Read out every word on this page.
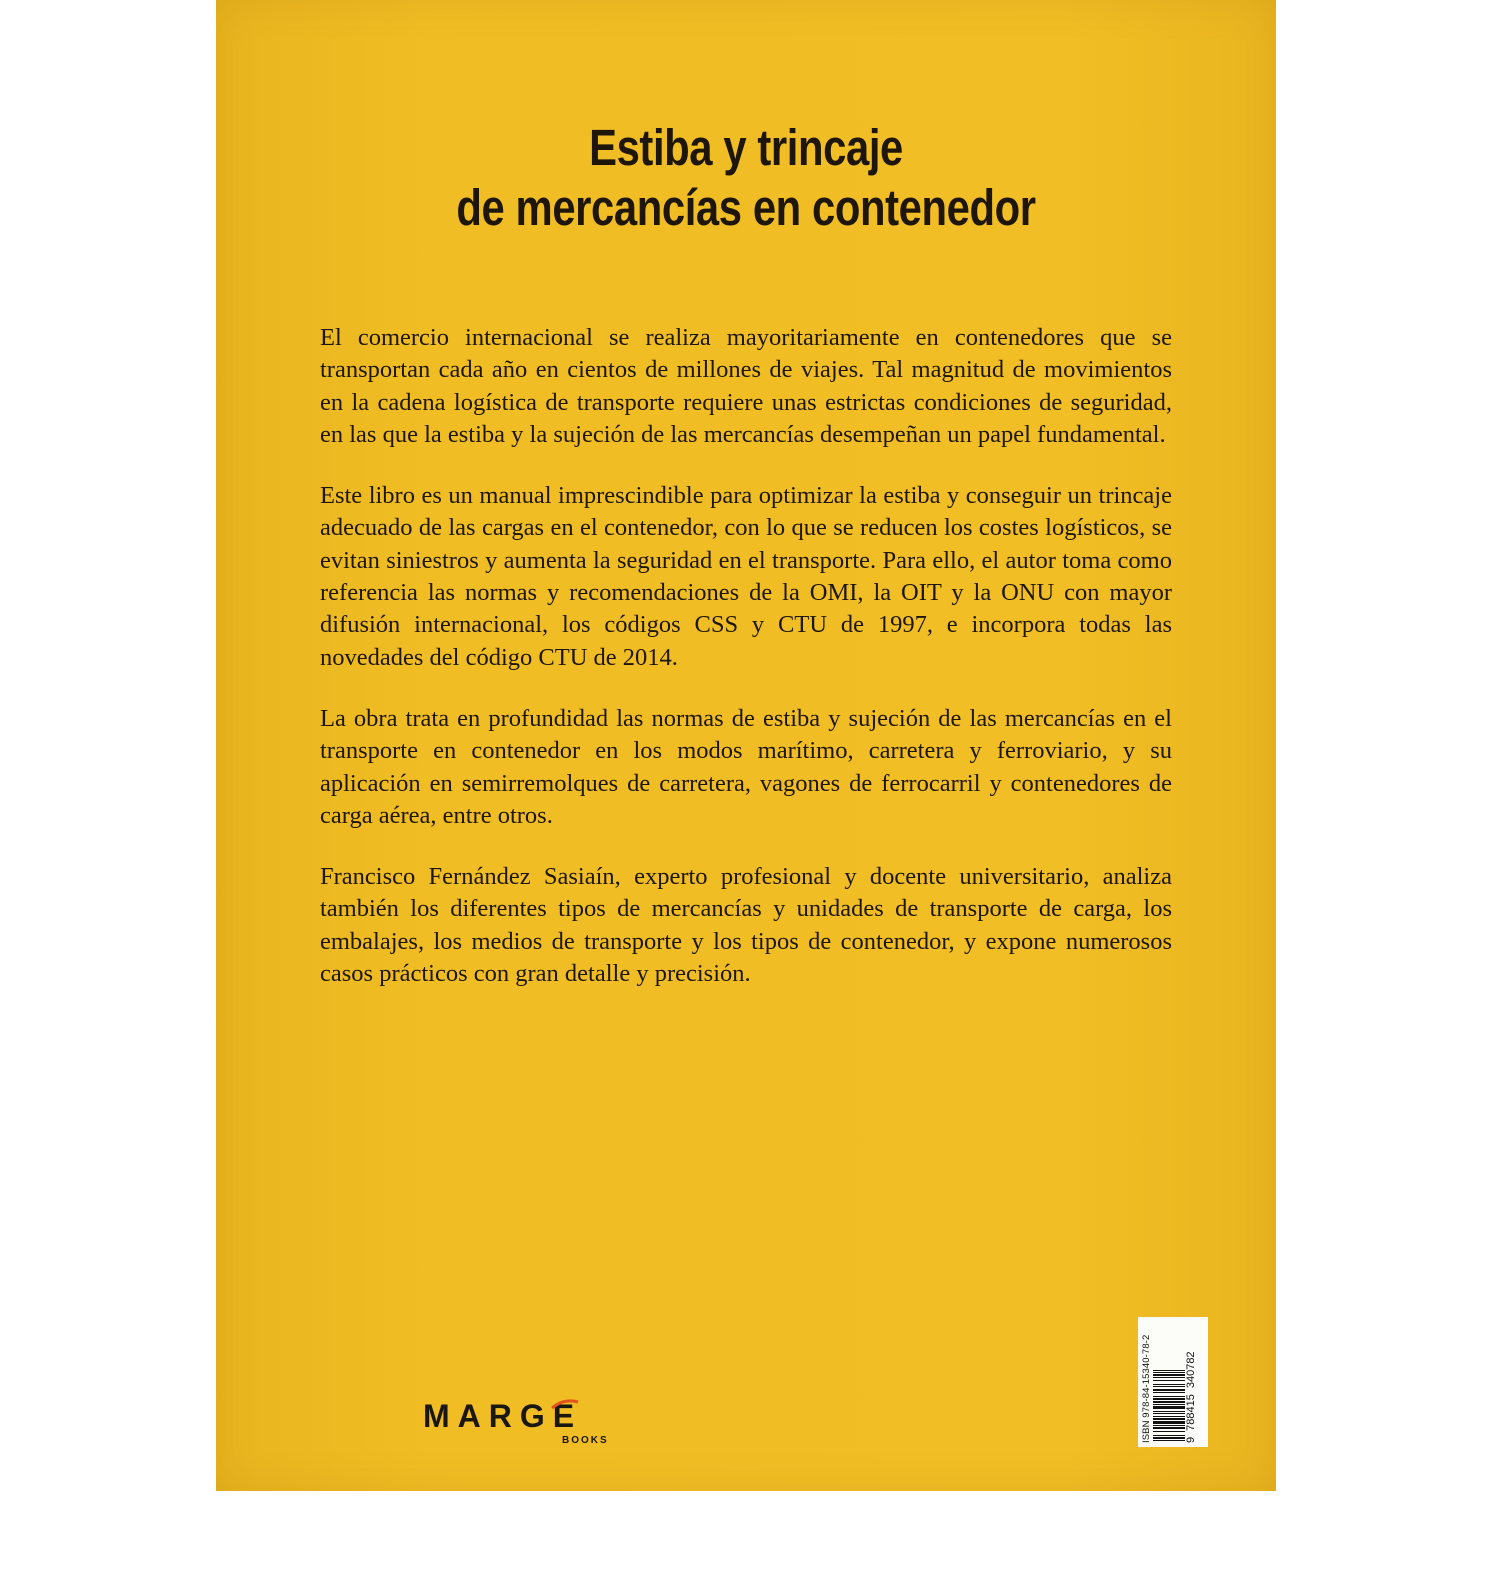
Estiba y trincaje
de mercancías en contenedor

El comercio internacional se realiza mayoritariamente en contenedores que se transportan cada año en cientos de millones de viajes. Tal magnitud de movimientos en la cadena logística de transporte requiere unas estrictas condiciones de seguridad, en las que la estiba y la sujeción de las mercancías desempeñan un papel fundamental.

Este libro es un manual imprescindible para optimizar la estiba y conseguir un trincaje adecuado de las cargas en el contenedor, con lo que se reducen los costes logísticos, se evitan siniestros y aumenta la seguridad en el transporte. Para ello, el autor toma como referencia las normas y recomendaciones de la OMI, la OIT y la ONU con mayor difusión internacional, los códigos CSS y CTU de 1997, e incorpora todas las novedades del código CTU de 2014.

La obra trata en profundidad las normas de estiba y sujeción de las mercancías en el transporte en contenedor en los modos marítimo, carretera y ferroviario, y su aplicación en semirremolques de carretera, vagones de ferrocarril y contenedores de carga aérea, entre otros.

Francisco Fernández Sasiaín, experto profesional y docente universitario, analiza también los diferentes tipos de mercancías y unidades de transporte de carga, los embalajes, los medios de transporte y los tipos de contenedor, y expone numerosos casos prácticos con gran detalle y precisión.

ISBN 978-84-15340-78-2	9
788415
340782
MARGE
BOOKS
